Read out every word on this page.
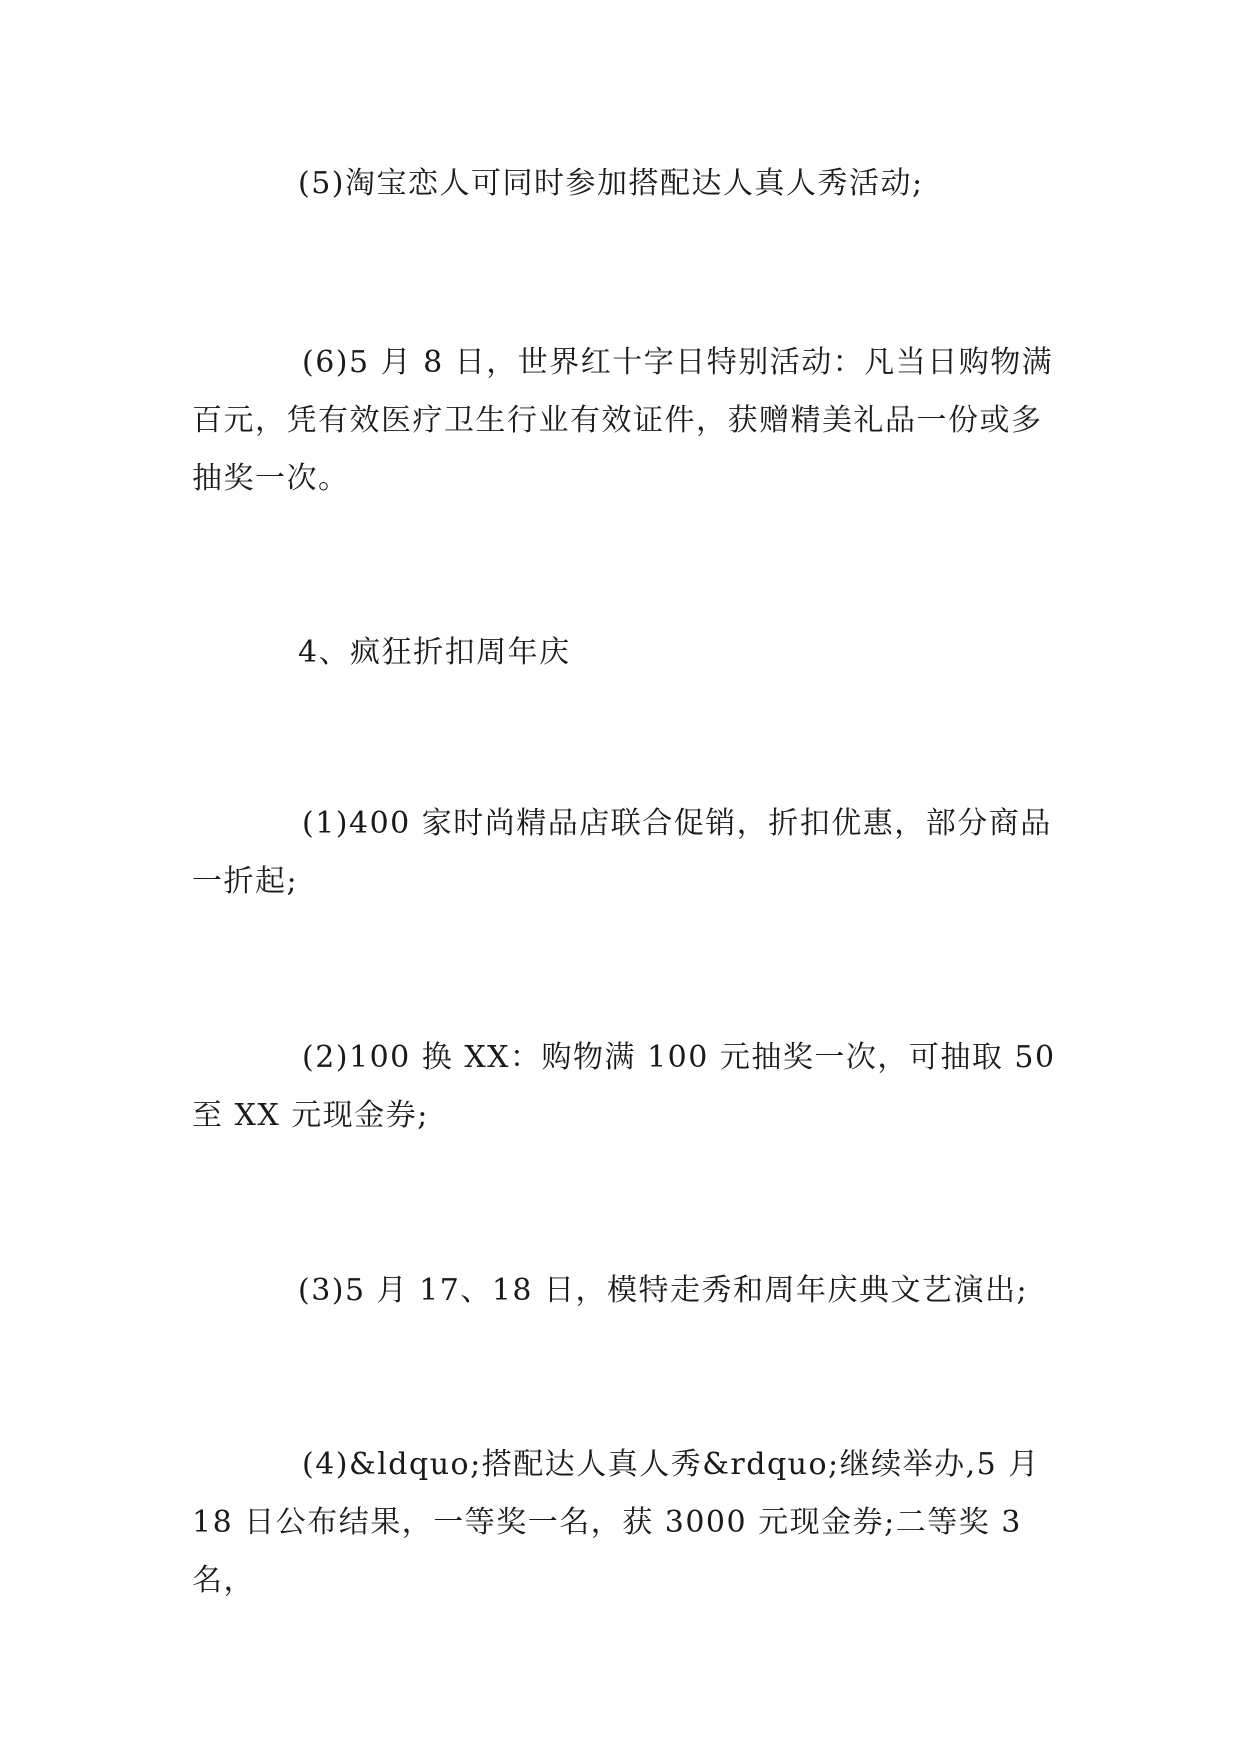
(5)淘宝恋人可同时参加搭配达人真人秀活动;

(6)5 月 8 日，世界红十字日特别活动：凡当日购物满百元，凭有效医疗卫生行业有效证件，获赠精美礼品一份或多抽奖一次。

4、疯狂折扣周年庆

(1)400 家时尚精品店联合促销，折扣优惠，部分商品一折起;

(2)100 换 XX：购物满 100 元抽奖一次，可抽取 50 至 XX 元现金券;

(3)5 月 17、18 日，模特走秀和周年庆典文艺演出;

(4)&ldquo;搭配达人真人秀&rdquo;继续举办,5 月 18 日公布结果，一等奖一名，获 3000 元现金券;二等奖 3 名，
